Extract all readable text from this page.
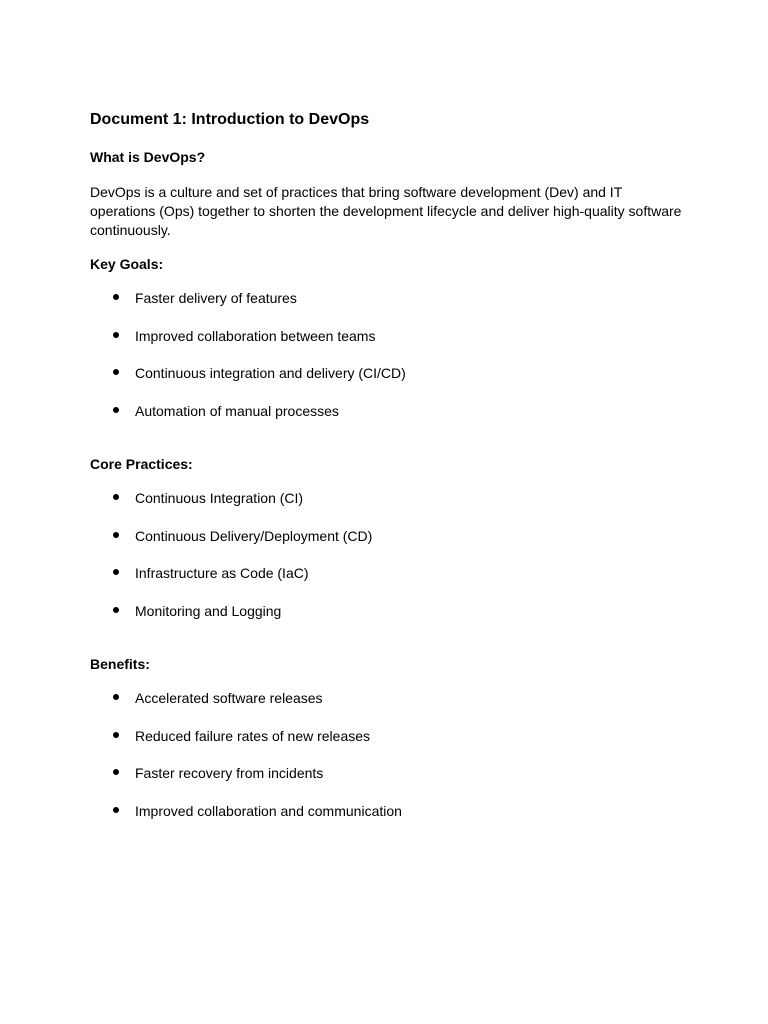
Document 1: Introduction to DevOps
What is DevOps?

DevOps is a culture and set of practices that bring software development (Dev) and IT operations (Ops) together to shorten the development lifecycle and deliver high-quality software continuously.

Key Goals:
Faster delivery of features
Improved collaboration between teams
Continuous integration and delivery (CI/CD)
Automation of manual processes
Core Practices:
Continuous Integration (CI)
Continuous Delivery/Deployment (CD)
Infrastructure as Code (IaC)
Monitoring and Logging
Benefits:
Accelerated software releases
Reduced failure rates of new releases
Faster recovery from incidents
Improved collaboration and communication
